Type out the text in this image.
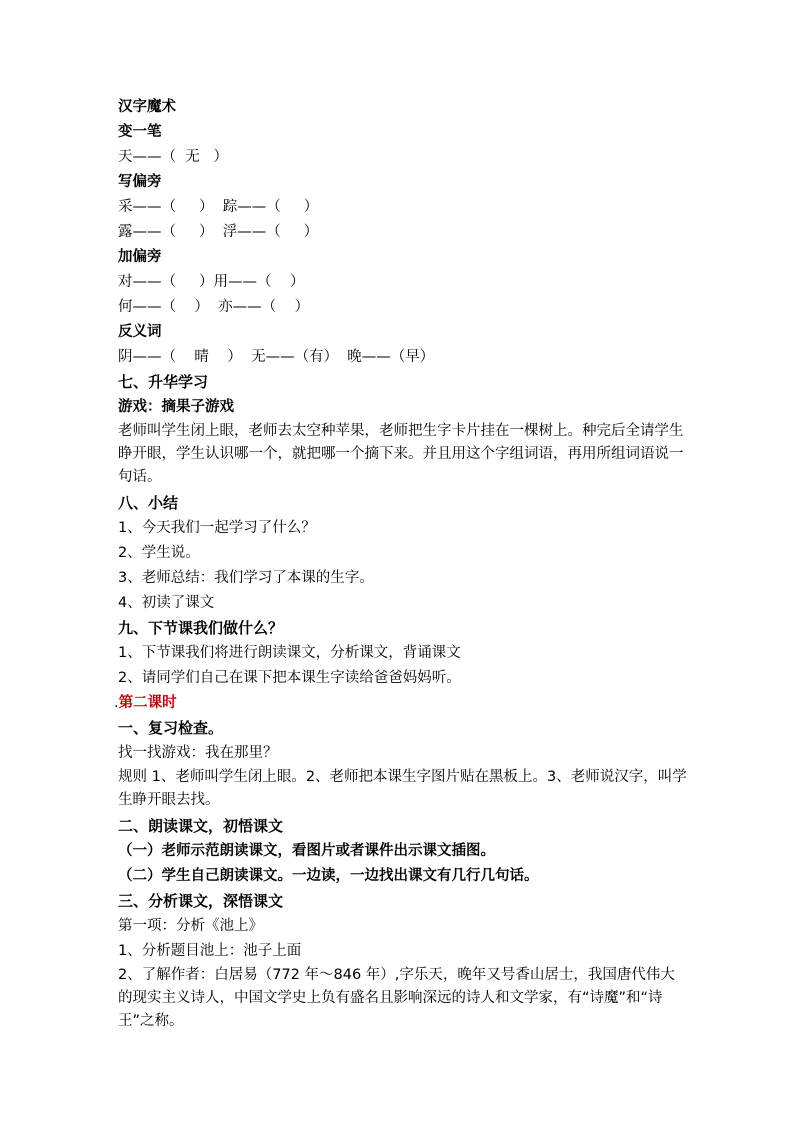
汉字魔术
变一笔
天——（  无   ）
写偏旁
采——（     ）  踪——（     ）
露——（     ）  浮——（     ）
加偏旁
对——（     ）用——（    ）
何——（    ）  亦——（    ）
反义词
阴——（    晴    ）  无——（有）  晚——（早）
七、升华学习
游戏：摘果子游戏
老师叫学生闭上眼，老师去太空种苹果，老师把生字卡片挂在一棵树上。种完后全请学生睁开眼，学生认识哪一个，就把哪一个摘下来。并且用这个字组词语，再用所组词语说一句话。
八、小结
1、今天我们一起学习了什么？
2、学生说。
3、老师总结：我们学习了本课的生字。
4、初读了课文
九、下节课我们做什么？
1、下节课我们将进行朗读课文，分析课文，背诵课文
2、请同学们自己在课下把本课生字读给爸爸妈妈听。
.第二课时
一、复习检查。
找一找游戏：我在那里？
规则 1、老师叫学生闭上眼。2、老师把本课生字图片贴在黑板上。3、老师说汉字，叫学生睁开眼去找。
二、朗读课文，初悟课文
（一）老师示范朗读课文，看图片或者课件出示课文插图。
（二）学生自己朗读课文。一边读，一边找出课文有几行几句话。
三、分析课文，深悟课文
第一项：分析《池上》
1、分析题目池上：池子上面
2、了解作者：白居易（772 年～846 年）,字乐天，晚年又号香山居士，我国唐代伟大的现实主义诗人，中国文学史上负有盛名且影响深远的诗人和文学家，有“诗魔”和“诗王”之称。
